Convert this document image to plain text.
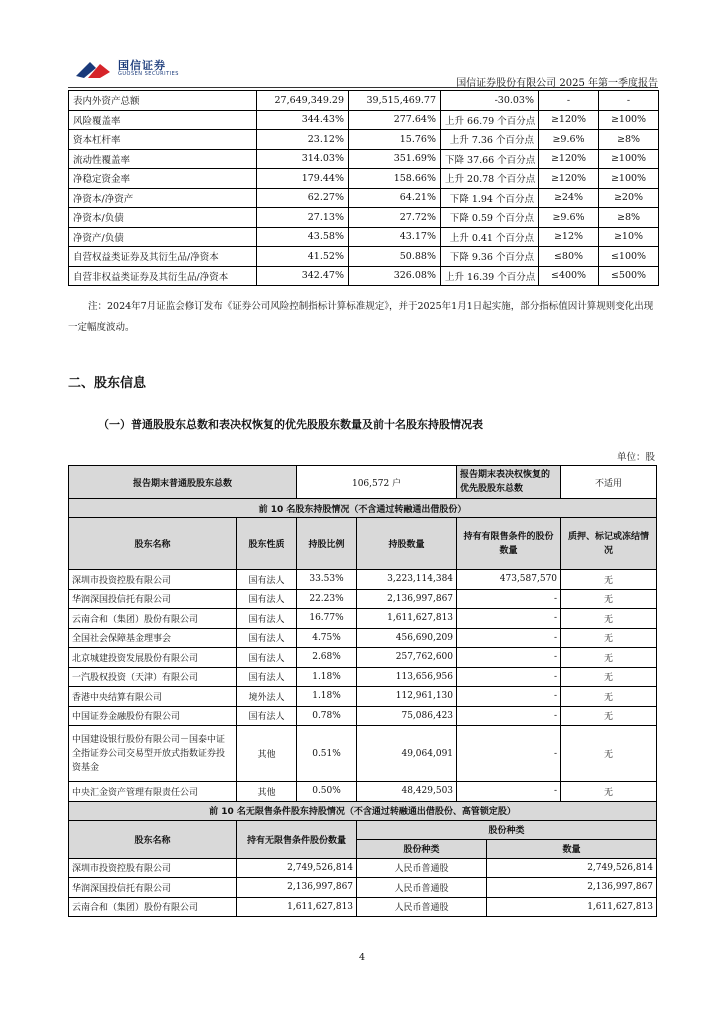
国信证券
GUOSEN SECURITIES
国信证券股份有限公司 2025 年第一季度报告
表内外资产总额	27,649,349.29	39,515,469.77	-30.03%	-	-
风险覆盖率	344.43%	277.64%	上升 66.79 个百分点	≥120%	≥100%
资本杠杆率	23.12%	15.76%	上升 7.36 个百分点	≥9.6%	≥8%
流动性覆盖率	314.03%	351.69%	下降 37.66 个百分点	≥120%	≥100%
净稳定资金率	179.44%	158.66%	上升 20.78 个百分点	≥120%	≥100%
净资本/净资产	62.27%	64.21%	下降 1.94 个百分点	≥24%	≥20%
净资本/负债	27.13%	27.72%	下降 0.59 个百分点	≥9.6%	≥8%
净资产/负债	43.58%	43.17%	上升 0.41 个百分点	≥12%	≥10%
自营权益类证券及其衍生品/净资本	41.52%	50.88%	下降 9.36 个百分点	≤80%	≤100%
自营非权益类证券及其衍生品/净资本	342.47%	326.08%	上升 16.39 个百分点	≤400%	≤500%
注：2024年7月证监会修订发布《证券公司风险控制指标计算标准规定》，并于2025年1月1日起实施，部分指标值因计算规则变化出现一定幅度波动。
二、股东信息
（一）普通股股东总数和表决权恢复的优先股股东数量及前十名股东持股情况表
单位：股
报告期末普通股股东总数		106,572 户		报告期末表决权恢复的优先股股东总数		不适用
前 10 名股东持股情况（不含通过转融通出借股份）						
股东名称	股东性质	持股比例	持股数量	持有有限售条件的股份数量		质押、标记或冻结情况
深圳市投资控股有限公司	国有法人	33.53%	3,223,114,384	473,587,570		无
华润深国投信托有限公司	国有法人	22.23%	2,136,997,867	-		无
云南合和（集团）股份有限公司	国有法人	16.77%	1,611,627,813	-		无
全国社会保障基金理事会	国有法人	4.75%	456,690,209	-		无
北京城建投资发展股份有限公司	国有法人	2.68%	257,762,600	-		无
一汽股权投资（天津）有限公司	国有法人	1.18%	113,656,956	-		无
香港中央结算有限公司	境外法人	1.18%	112,961,130	-		无
中国证券金融股份有限公司	国有法人	0.78%	75,086,423	-		无
中国建设银行股份有限公司－国泰中证全指证券公司交易型开放式指数证券投资基金	其他	0.51%	49,064,091	-		无
中央汇金资产管理有限责任公司	其他	0.50%	48,429,503	-		无
前 10 名无限售条件股东持股情况（不含通过转融通出借股份、高管锁定股）						
股东名称	持有无限售条件股份数量		股份种类			
			股份种类		数量	
深圳市投资控股有限公司	2,749,526,814		人民币普通股		2,749,526,814	
华润深国投信托有限公司	2,136,997,867		人民币普通股		2,136,997,867	
云南合和（集团）股份有限公司	1,611,627,813		人民币普通股		1,611,627,813	
4
